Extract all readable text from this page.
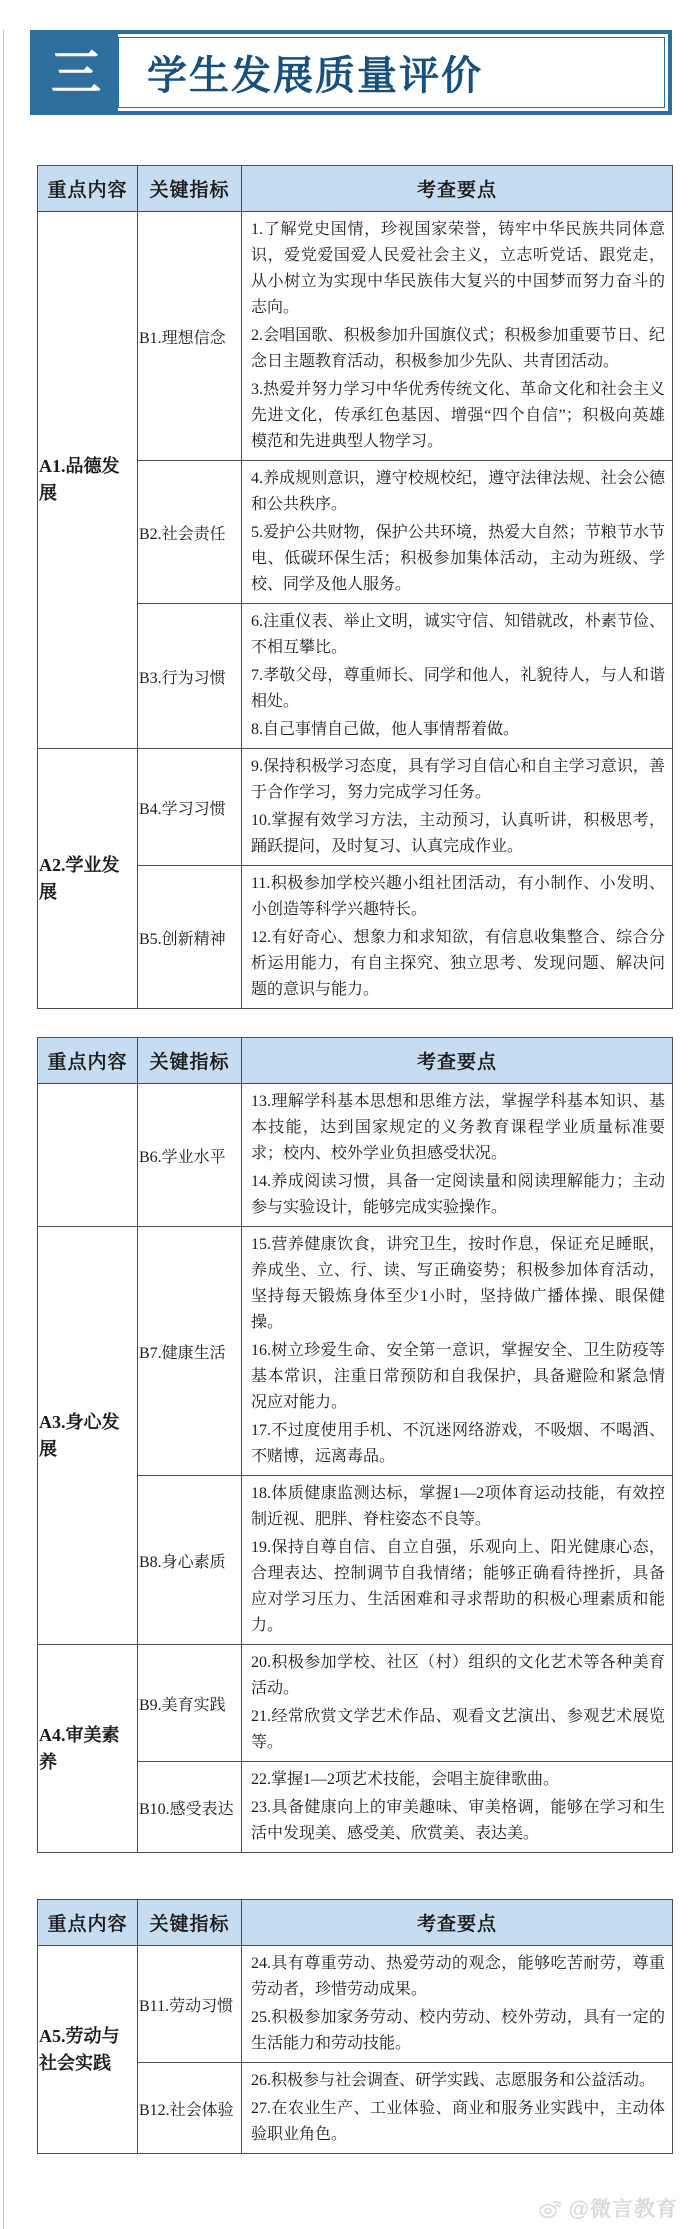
三	学生发展质量评价
重点内容	关键指标	考查要点
A1.品德发展	B1.理想信念	1.了解党史国情，珍视国家荣誉，铸牢中华民族共同体意识，爱党爱国爱人民爱社会主义，立志听党话、跟党走，从小树立为实现中华民族伟大复兴的中国梦而努力奋斗的志向。

2.会唱国歌、积极参加升国旗仪式；积极参加重要节日、纪念日主题教育活动，积极参加少先队、共青团活动。

3.热爱并努力学习中华优秀传统文化、革命文化和社会主义先进文化，传承红色基因、增强“四个自信”；积极向英雄模范和先进典型人物学习。

	B2.社会责任	4.养成规则意识，遵守校规校纪，遵守法律法规、社会公德和公共秩序。

5.爱护公共财物，保护公共环境，热爱大自然；节粮节水节电、低碳环保生活；积极参加集体活动，主动为班级、学校、同学及他人服务。

	B3.行为习惯	6.注重仪表、举止文明，诚实守信、知错就改，朴素节俭、不相互攀比。

7.孝敬父母，尊重师长、同学和他人，礼貌待人，与人和谐相处。

8.自己事情自己做，他人事情帮着做。

A2.学业发展	B4.学习习惯	9.保持积极学习态度，具有学习自信心和自主学习意识，善于合作学习，努力完成学习任务。

10.掌握有效学习方法，主动预习，认真听讲，积极思考，踊跃提问，及时复习、认真完成作业。

	B5.创新精神	11.积极参加学校兴趣小组社团活动，有小制作、小发明、小创造等科学兴趣特长。

12.有好奇心、想象力和求知欲，有信息收集整合、综合分析运用能力，有自主探究、独立思考、发现问题、解决问题的意识与能力。

重点内容	关键指标	考查要点
	B6.学业水平	13.理解学科基本思想和思维方法，掌握学科基本知识、基本技能，达到国家规定的义务教育课程学业质量标准要求；校内、校外学业负担感受状况。

14.养成阅读习惯，具备一定阅读量和阅读理解能力；主动参与实验设计，能够完成实验操作。

A3.身心发展	B7.健康生活	15.营养健康饮食，讲究卫生，按时作息，保证充足睡眠，养成坐、立、行、读、写正确姿势；积极参加体育活动，坚持每天锻炼身体至少1小时，坚持做广播体操、眼保健操。

16.树立珍爱生命、安全第一意识，掌握安全、卫生防疫等基本常识，注重日常预防和自我保护，具备避险和紧急情况应对能力。

17.不过度使用手机、不沉迷网络游戏，不吸烟、不喝酒、不赌博，远离毒品。

	B8.身心素质	18.体质健康监测达标，掌握1—2项体育运动技能，有效控制近视、肥胖、脊柱姿态不良等。

19.保持自尊自信、自立自强，乐观向上、阳光健康心态，合理表达、控制调节自我情绪；能够正确看待挫折，具备应对学习压力、生活困难和寻求帮助的积极心理素质和能力。

A4.审美素养	B9.美育实践	20.积极参加学校、社区（村）组织的文化艺术等各种美育活动。

21.经常欣赏文学艺术作品、观看文艺演出、参观艺术展览等。

	B10.感受表达	22.掌握1—2项艺术技能，会唱主旋律歌曲。

23.具备健康向上的审美趣味、审美格调，能够在学习和生活中发现美、感受美、欣赏美、表达美。

重点内容	关键指标	考查要点
A5.劳动与社会实践	B11.劳动习惯	24.具有尊重劳动、热爱劳动的观念，能够吃苦耐劳，尊重劳动者，珍惜劳动成果。

25.积极参加家务劳动、校内劳动、校外劳动，具有一定的生活能力和劳动技能。

	B12.社会体验	26.积极参与社会调查、研学实践、志愿服务和公益活动。

27.在农业生产、工业体验、商业和服务业实践中，主动体验职业角色。

@微言教育
